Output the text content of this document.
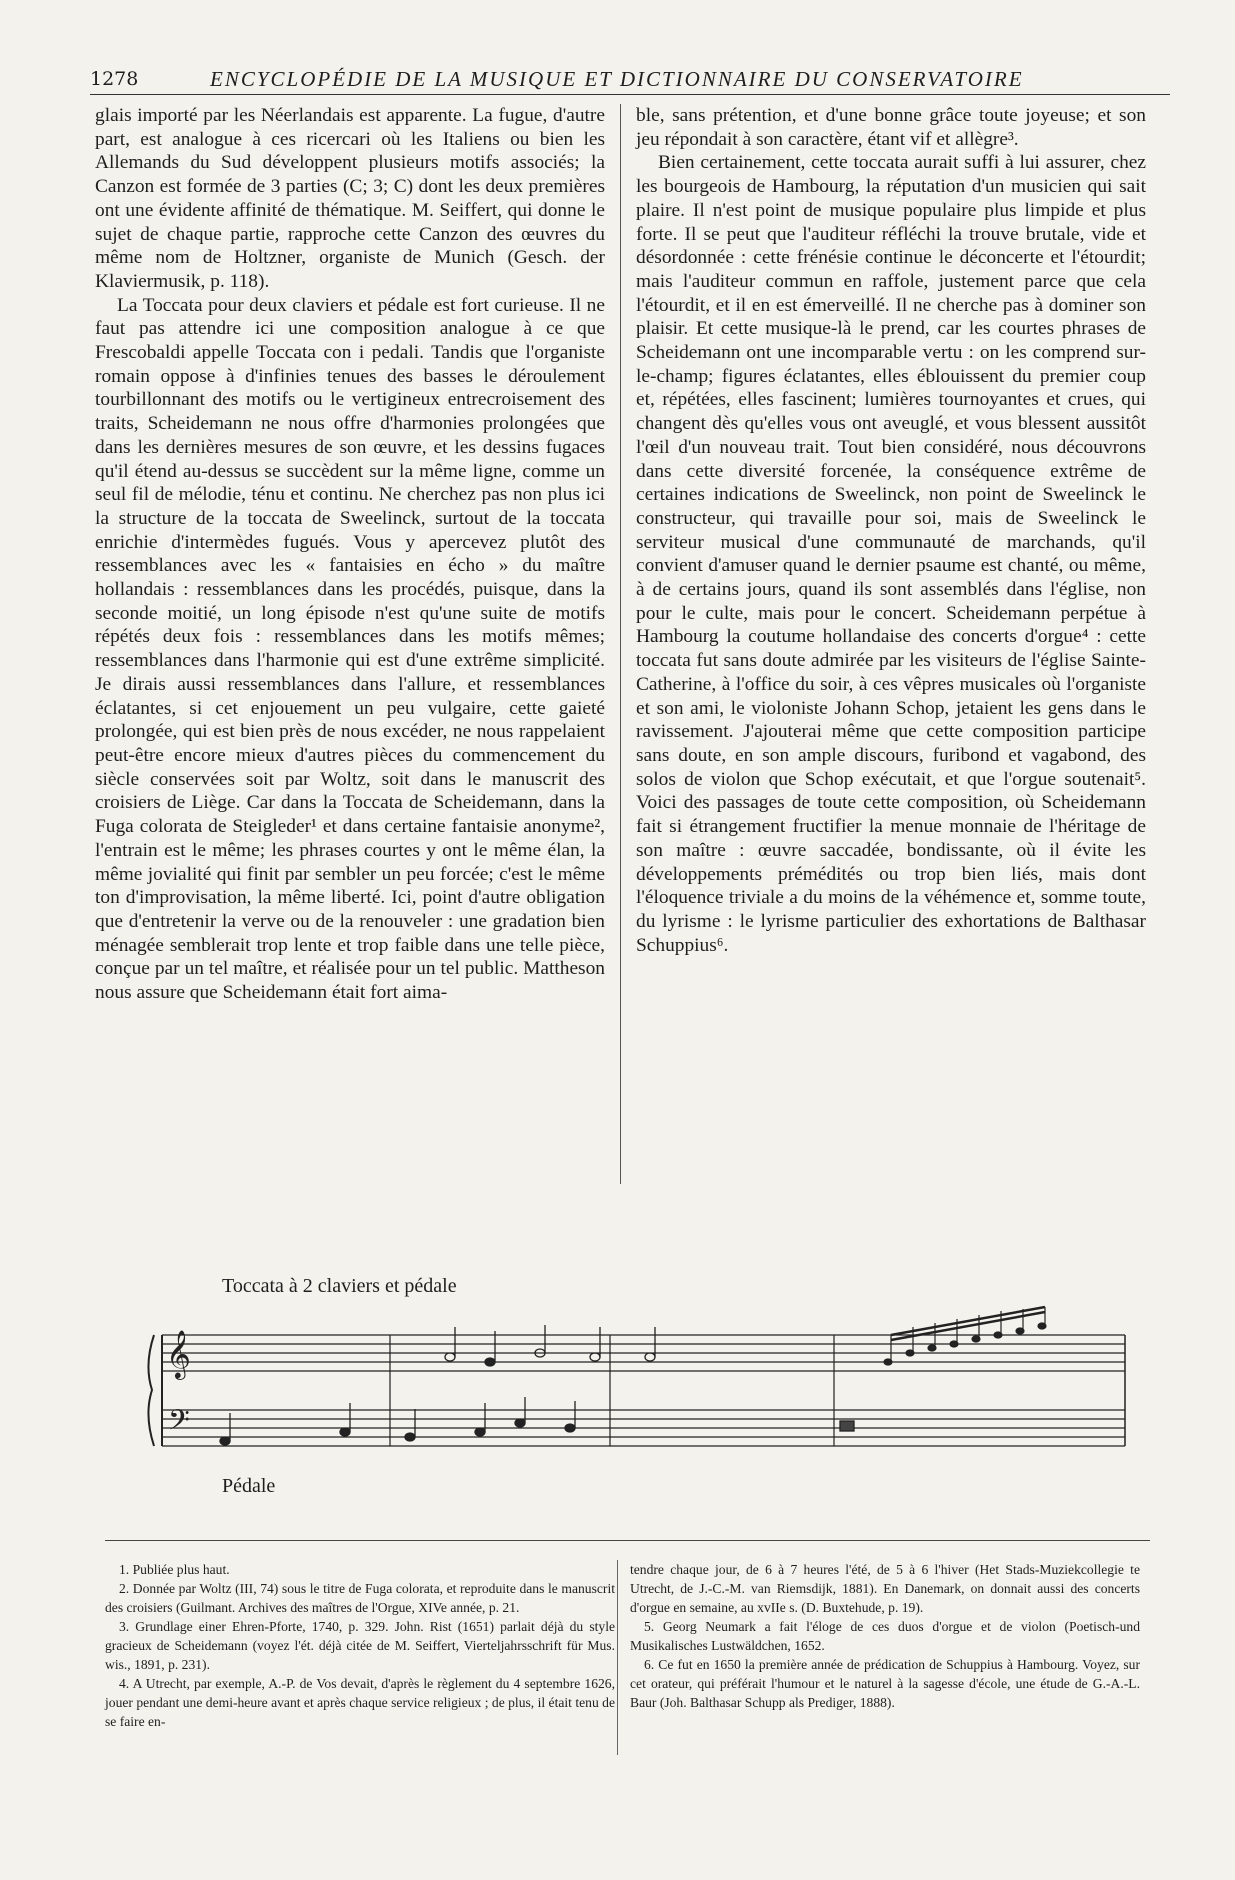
1278	ENCYCLOPÉDIE DE LA MUSIQUE ET DICTIONNAIRE DU CONSERVATOIRE

glais importé par les Néerlandais est apparente. La fugue, d'autre part, est analogue à ces ricercari où les Italiens ou bien les Allemands du Sud développent plusieurs motifs associés; la Canzon est formée de 3 parties (C; 3; C) dont les deux premières ont une évidente affinité de thématique. M. Seiffert, qui donne le sujet de chaque partie, rapproche cette Canzon des œuvres du même nom de Holtzner, organiste de Munich (Gesch. der Klaviermusik, p. 118).

La Toccata pour deux claviers et pédale est fort curieuse. Il ne faut pas attendre ici une composition analogue à ce que Frescobaldi appelle Toccata con i pedali. Tandis que l'organiste romain oppose à d'infinies tenues des basses le déroulement tourbillonnant des motifs ou le vertigineux entrecroisement des traits, Scheidemann ne nous offre d'harmonies prolongées que dans les dernières mesures de son œuvre, et les dessins fugaces qu'il étend au-dessus se succèdent sur la même ligne, comme un seul fil de mélodie, ténu et continu. Ne cherchez pas non plus ici la structure de la toccata de Sweelinck, surtout de la toccata enrichie d'intermèdes fugués. Vous y apercevez plutôt des ressemblances avec les « fantaisies en écho » du maître hollandais : ressemblances dans les procédés, puisque, dans la seconde moitié, un long épisode n'est qu'une suite de motifs répétés deux fois : ressemblances dans les motifs mêmes; ressemblances dans l'harmonie qui est d'une extrême simplicité. Je dirais aussi ressemblances dans l'allure, et ressemblances éclatantes, si cet enjouement un peu vulgaire, cette gaieté prolongée, qui est bien près de nous excéder, ne nous rappelaient peut-être encore mieux d'autres pièces du commencement du siècle conservées soit par Woltz, soit dans le manuscrit des croisiers de Liège. Car dans la Toccata de Scheidemann, dans la Fuga colorata de Steigleder¹ et dans certaine fantaisie anonyme², l'entrain est le même; les phrases courtes y ont le même élan, la même jovialité qui finit par sembler un peu forcée; c'est le même ton d'improvisation, la même liberté. Ici, point d'autre obligation que d'entretenir la verve ou de la renouveler : une gradation bien ménagée semblerait trop lente et trop faible dans une telle pièce, conçue par un tel maître, et réalisée pour un tel public. Mattheson nous assure que Scheidemann était fort aima-

ble, sans prétention, et d'une bonne grâce toute joyeuse; et son jeu répondait à son caractère, étant vif et allègre³.

Bien certainement, cette toccata aurait suffi à lui assurer, chez les bourgeois de Hambourg, la réputation d'un musicien qui sait plaire. Il n'est point de musique populaire plus limpide et plus forte. Il se peut que l'auditeur réfléchi la trouve brutale, vide et désordonnée : cette frénésie continue le déconcerte et l'étourdit; mais l'auditeur commun en raffole, justement parce que cela l'étourdit, et il en est émerveillé. Il ne cherche pas à dominer son plaisir. Et cette musique-là le prend, car les courtes phrases de Scheidemann ont une incomparable vertu : on les comprend sur-le-champ; figures éclatantes, elles éblouissent du premier coup et, répétées, elles fascinent; lumières tournoyantes et crues, qui changent dès qu'elles vous ont aveuglé, et vous blessent aussitôt l'œil d'un nouveau trait. Tout bien considéré, nous découvrons dans cette diversité forcenée, la conséquence extrême de certaines indications de Sweelinck, non point de Sweelinck le constructeur, qui travaille pour soi, mais de Sweelinck le serviteur musical d'une communauté de marchands, qu'il convient d'amuser quand le dernier psaume est chanté, ou même, à de certains jours, quand ils sont assemblés dans l'église, non pour le culte, mais pour le concert. Scheidemann perpétue à Hambourg la coutume hollandaise des concerts d'orgue⁴ : cette toccata fut sans doute admirée par les visiteurs de l'église Sainte-Catherine, à l'office du soir, à ces vêpres musicales où l'organiste et son ami, le violoniste Johann Schop, jetaient les gens dans le ravissement. J'ajouterai même que cette composition participe sans doute, en son ample discours, furibond et vagabond, des solos de violon que Schop exécutait, et que l'orgue soutenait⁵. Voici des passages de toute cette composition, où Scheidemann fait si étrangement fructifier la menue monnaie de l'héritage de son maître : œuvre saccadée, bondissante, où il évite les développements prémédités ou trop bien liés, mais dont l'éloquence triviale a du moins de la véhémence et, somme toute, du lyrisme : le lyrisme particulier des exhortations de Balthasar Schuppius⁶.

Toccata à 2 claviers et pédale
𝄞
𝄢
Pédale

1. Publiée plus haut.

2. Donnée par Woltz (III, 74) sous le titre de Fuga colorata, et reproduite dans le manuscrit des croisiers (Guilmant. Archives des maîtres de l'Orgue, XIVe année, p. 21.

3. Grundlage einer Ehren-Pforte, 1740, p. 329. John. Rist (1651) parlait déjà du style gracieux de Scheidemann (voyez l'ét. déjà citée de M. Seiffert, Vierteljahrsschrift für Mus. wis., 1891, p. 231).

4. A Utrecht, par exemple, A.-P. de Vos devait, d'après le règlement du 4 septembre 1626, jouer pendant une demi-heure avant et après chaque service religieux ; de plus, il était tenu de se faire en-

tendre chaque jour, de 6 à 7 heures l'été, de 5 à 6 l'hiver (Het Stads-Muziekcollegie te Utrecht, de J.-C.-M. van Riemsdijk, 1881). En Danemark, on donnait aussi des concerts d'orgue en semaine, au xvIIe s. (D. Buxtehude, p. 19).

5. Georg Neumark a fait l'éloge de ces duos d'orgue et de violon (Poetisch-und Musikalisches Lustwäldchen, 1652.

6. Ce fut en 1650 la première année de prédication de Schuppius à Hambourg. Voyez, sur cet orateur, qui préférait l'humour et le naturel à la sagesse d'école, une étude de G.-A.-L. Baur (Joh. Balthasar Schupp als Prediger, 1888).
